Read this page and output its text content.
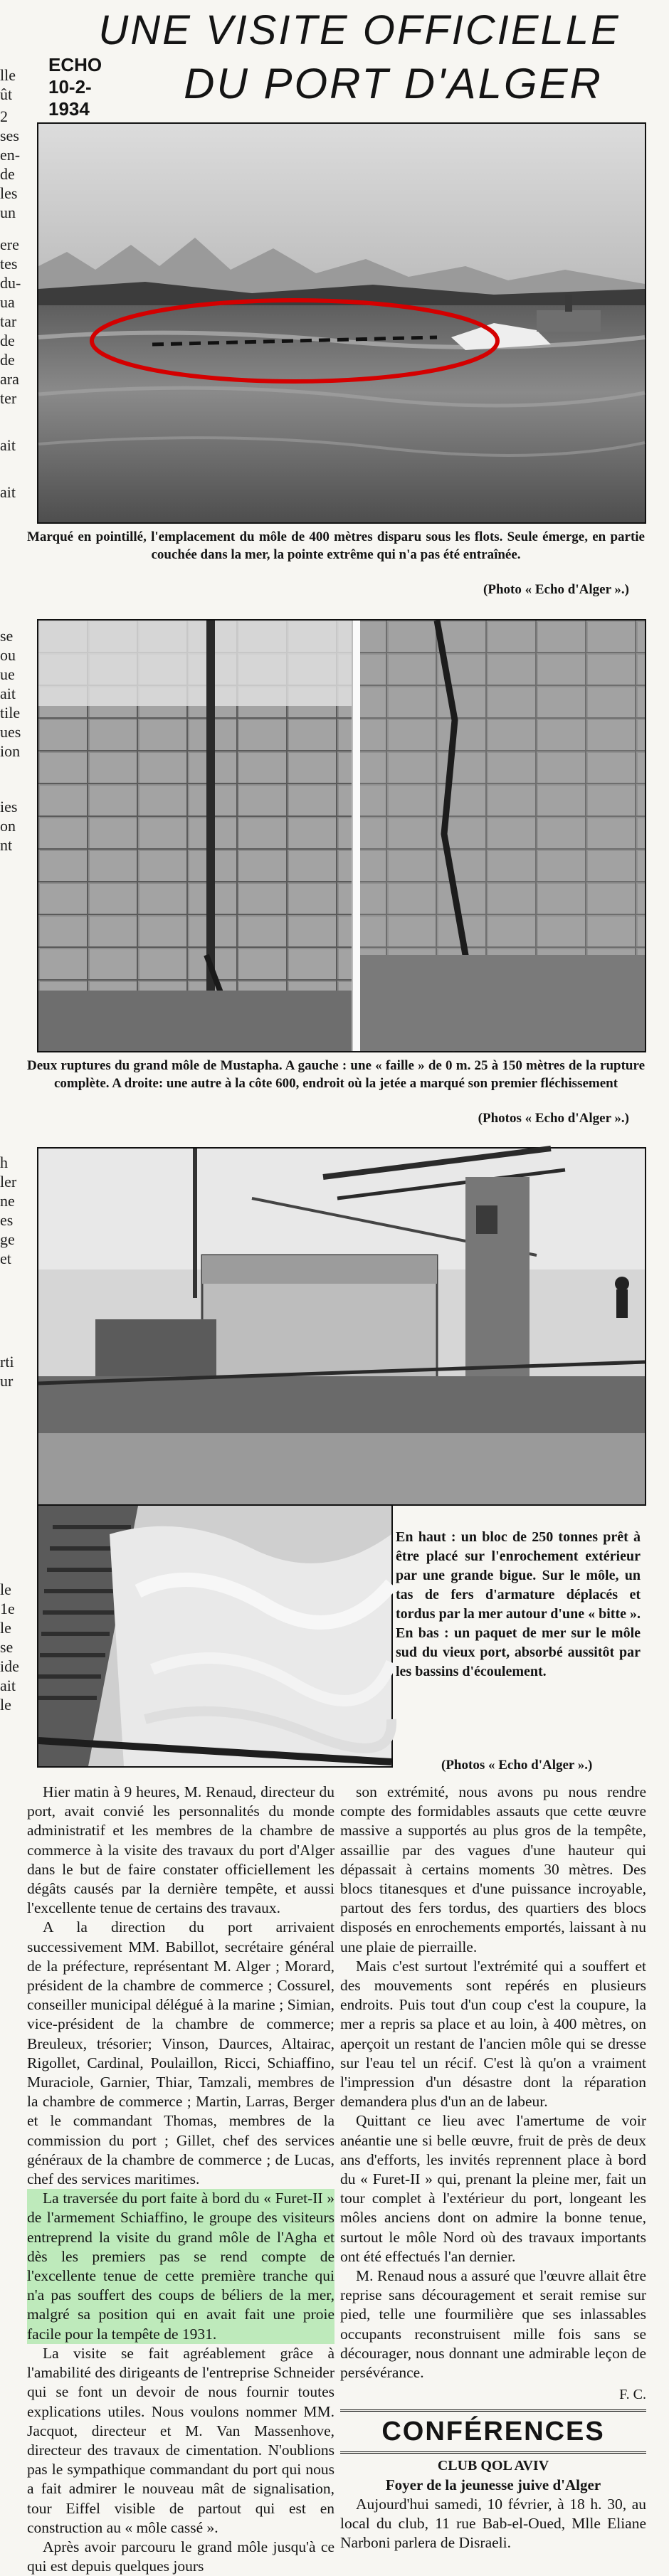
UNE VISITE OFFICIELLE
ECHO
10-2-1934
DU PORT D'ALGER
lle
ût
2
ses
en-
de
les
un
ere
tes
du-
ua
tar
de
de
ara
ter
ait
ait
se
ou
ue
ait
tile
ues
ion
ies
on
nt
h
ler
ne
es
ge
et
rti
ur
le
1e
le
se
ide
ait
le

Marqué en pointillé, l'emplacement du môle de 400 mètres disparu sous les flots. Seule émerge, en partie couchée dans la mer, la pointe extrême qui n'a pas été entraînée.

(Photo « Echo d'Alger ».)

Deux ruptures du grand môle de Mustapha. A gauche : une « faille » de 0 m. 25 à 150 mètres de la rupture complète. A droite: une autre à la côte 600, endroit où la jetée a marqué son premier fléchissement

(Photos « Echo d'Alger ».)

En haut : un bloc de 250 tonnes prêt à être placé sur l'enrochement extérieur par une grande bigue. Sur le môle, un tas de fers d'armature déplacés et tordus par la mer autour d'une « bitte ». En bas : un paquet de mer sur le môle sud du vieux port, absorbé aussitôt par les bassins d'écoulement.

(Photos « Echo d'Alger ».)

Hier matin à 9 heures, M. Renaud, directeur du port, avait convié les personnalités du monde administratif et les membres de la chambre de commerce à la visite des travaux du port d'Alger dans le but de faire constater officiellement les dégâts causés par la dernière tempête, et aussi l'excellente tenue de certains des travaux.

A la direction du port arrivaient successivement MM. Babillot, secrétaire général de la préfecture, représentant M. Alger ; Morard, président de la chambre de commerce ; Cossurel, conseiller municipal délégué à la marine ; Simian, vice-président de la chambre de commerce; Breuleux, trésorier; Vinson, Daurces, Altairac, Rigollet, Cardinal, Poulaillon, Ricci, Schiaffino, Muraciole, Garnier, Thiar, Tamzali, membres de la chambre de commerce ; Martin, Larras, Berger et le commandant Thomas, membres de la commission du port ; Gillet, chef des services généraux de la chambre de commerce ; de Lucas, chef des services maritimes.

La traversée du port faite à bord du « Furet-II » de l'armement Schiaffino, le groupe des visiteurs entreprend la visite du grand môle de l'Agha et dès les premiers pas se rend compte de l'excellente tenue de cette première tranche qui n'a pas souffert des coups de béliers de la mer, malgré sa position qui en avait fait une proie facile pour la tempête de 1931.

La visite se fait agréablement grâce à l'amabilité des dirigeants de l'entreprise Schneider qui se font un devoir de nous fournir toutes explications utiles. Nous voulons nommer MM. Jacquot, directeur et M. Van Massenhove, directeur des travaux de cimentation. N'oublions pas le sympathique commandant du port qui nous a fait admirer le nouveau mât de signalisation, tour Eiffel visible de partout qui est en construction au « môle cassé ».

Après avoir parcouru le grand môle jusqu'à ce qui est depuis quelques jours

son extrémité, nous avons pu nous rendre compte des formidables assauts que cette œuvre massive a supportés au plus gros de la tempête, assaillie par des vagues d'une hauteur qui dépassait à certains moments 30 mètres. Des blocs titanesques et d'une puissance incroyable, partout des fers tordus, des quartiers des blocs disposés en enrochements emportés, laissant à nu une plaie de pierraille.

Mais c'est surtout l'extrémité qui a souffert et des mouvements sont repérés en plusieurs endroits. Puis tout d'un coup c'est la coupure, la mer a repris sa place et au loin, à 400 mètres, on aperçoit un restant de l'ancien môle qui se dresse sur l'eau tel un récif. C'est là qu'on a vraiment l'impression d'un désastre dont la réparation demandera plus d'un an de labeur.

Quittant ce lieu avec l'amertume de voir anéantie une si belle œuvre, fruit de près de deux ans d'efforts, les invités reprennent place à bord du « Furet-II » qui, prenant la pleine mer, fait un tour complet à l'extérieur du port, longeant les môles anciens dont on admire la bonne tenue, surtout le môle Nord où des travaux importants ont été effectués l'an dernier.

M. Renaud nous a assuré que l'œuvre allait être reprise sans découragement et serait remise sur pied, telle une fourmilière que ses inlassables occupants reconstruisent mille fois sans se décourager, nous donnant une admirable leçon de persévérance.

F. C.

CONFÉRENCES

CLUB QOL AVIV

Foyer de la jeunesse juive d'Alger

Aujourd'hui samedi, 10 février, à 18 h. 30, au local du club, 11 rue Bab-el-Oued, Mlle Eliane Narboni parlera de Disraeli.
